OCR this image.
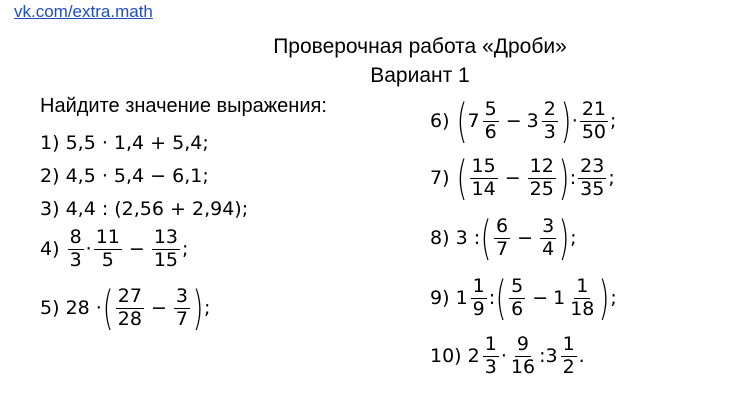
vk.com/extra.math
Проверочная работа «Дроби»
Вариант 1
Найдите значение выражения:
1)
5,5 · 1,4 + 5,4;
2)
4,5 · 5,4 − 6,1;
3)
4,4 : (2,56 + 2,94);
4)
$\frac{8}{3} \cdot \frac{11}{5} - \frac{13}{15}$ ;
5)
28 · ( $\frac{27}{28} - \frac{3}{7}$ ) ;
6)
( $7 \frac{5}{6} - 3 \frac{2}{3}$ ) · $\frac{21}{50}$ ;
7)
( $\frac{15}{14} - \frac{12}{25}$ ) : $\frac{23}{35}$ ;
8)
3 : ( $\frac{6}{7} - \frac{3}{4}$ ) ;
9)
$1 \frac{1}{9}$ : ( $\frac{5}{6} - 1 \frac{1}{18}$ ) ;
10)
$2 \frac{1}{3} \cdot \frac{9}{16}$ : $3 \frac{1}{2}$ .
